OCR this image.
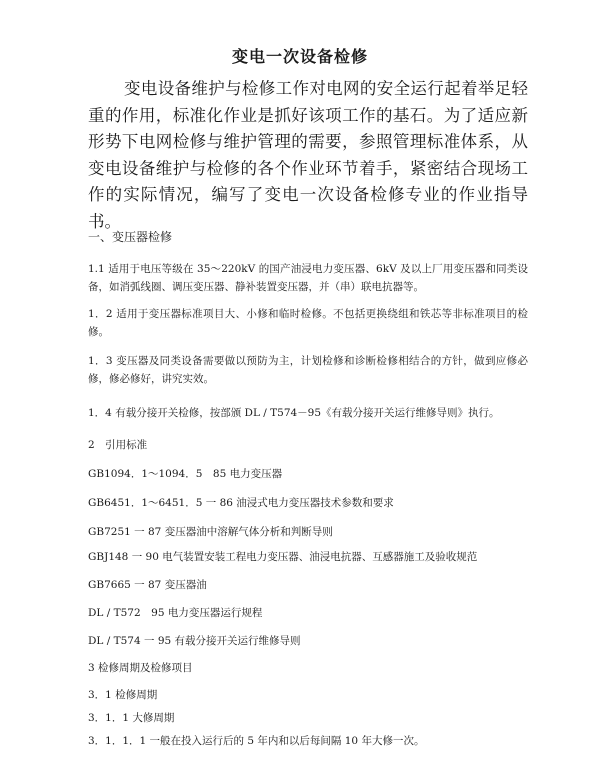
变电一次设备检修

变电设备维护与检修工作对电网的安全运行起着举足轻重的作用，标准化作业是抓好该项工作的基石。为了适应新形势下电网检修与维护管理的需要，参照管理标准体系，从变电设备维护与检修的各个作业环节着手，紧密结合现场工作的实际情况，编写了变电一次设备检修专业的作业指导书。

一、变压器检修

1.1 适用于电压等级在 35～220kV 的国产油浸电力变压器、6kV 及以上厂用变压器和同类设备，如消弧线圈、调压变压器、静补装置变压器，并（串）联电抗器等。

1．2 适用于变压器标准项目大、小修和临时检修。不包括更换绕组和铁芯等非标准项目的检修。

1．3 变压器及同类设备需要做以预防为主，计划检修和诊断检修相结合的方针，做到应修必修，修必修好，讲究实效。

1．4 有载分接开关检修，按部颁 DL / T574－95《有载分接开关运行维修导则》执行。

2　引用标准

GB1094．1～1094．5　85 电力变压器

GB6451．1～6451．5 一 86 油浸式电力变压器技术参数和要求

GB7251 一 87 变压器油中溶解气体分析和判断导则

GBJ148 一 90 电气装置安装工程电力变压器、油浸电抗器、互感器施工及验收规范

GB7665 一 87 变压器油

DL / T572　95 电力变压器运行规程

DL / T574 一 95 有载分接开关运行维修导则

3 检修周期及检修项目

3．1 检修周期

3．1．1 大修周期

3．1．1．1 一般在投入运行后的 5 年内和以后每间隔 10 年大修一次。
